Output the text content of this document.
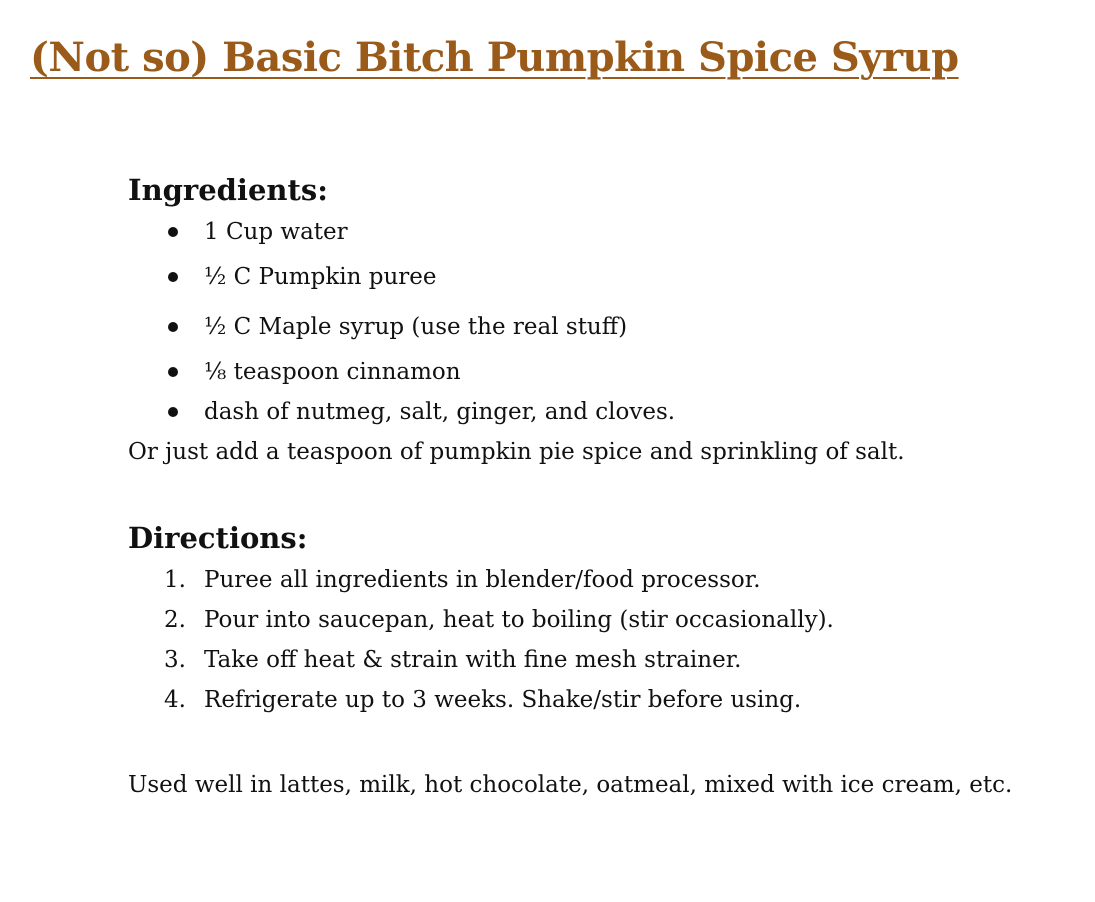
(Not so) Basic Bitch Pumpkin Spice Syrup
Ingredients:
1 Cup water
½ C Pumpkin puree
½ C Maple syrup (use the real stuff)
⅛ teaspoon cinnamon
dash of nutmeg, salt, ginger, and cloves.

Or just add a teaspoon of pumpkin pie spice and sprinkling of salt.

Directions:
1. Puree all ingredients in blender/food processor.
2. Pour into saucepan, heat to boiling (stir occasionally).
3. Take off heat & strain with fine mesh strainer.
4. Refrigerate up to 3 weeks. Shake/stir before using.

Used well in lattes, milk, hot chocolate, oatmeal, mixed with ice cream, etc.
